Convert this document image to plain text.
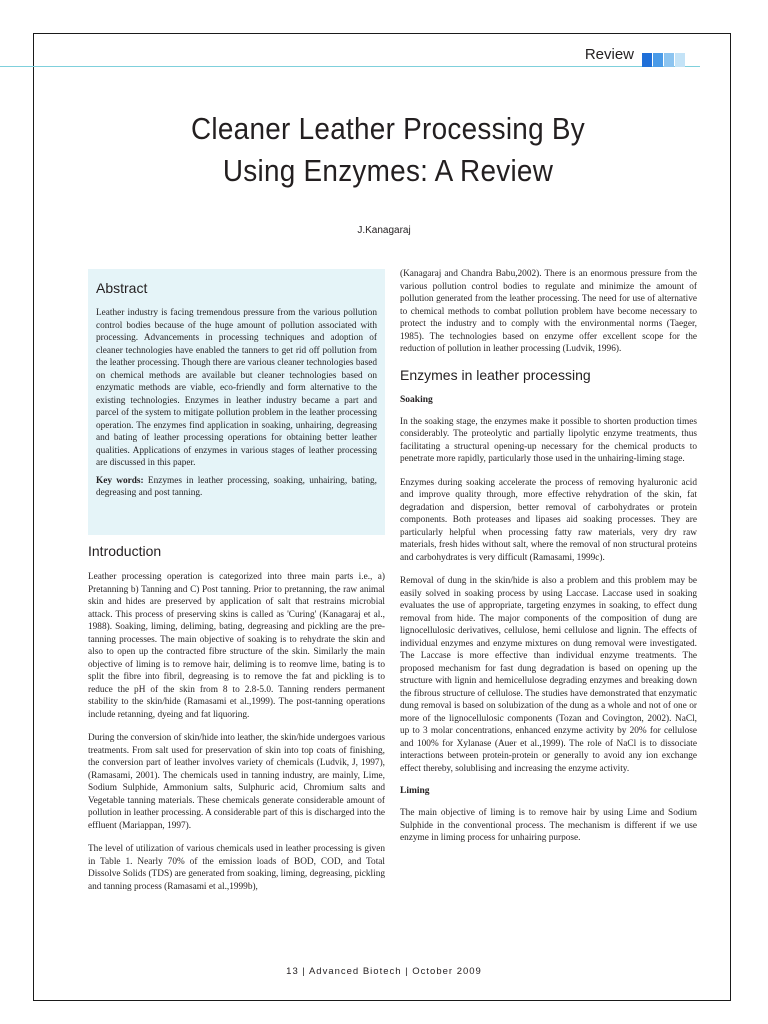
Review
Cleaner Leather Processing By
Using Enzymes: A Review
J.Kanagaraj

Abstract

Leather industry is facing tremendous pressure from the various pollution control bodies because of the huge amount of pollution associated with processing. Advancements in processing techniques and adoption of cleaner technologies have enabled the tanners to get rid off pollution from the leather processing. Though there are various cleaner technologies based on chemical methods are available but cleaner technologies based on enzymatic methods are viable, eco-friendly and form alternative to the existing technologies. Enzymes in leather industry became a part and parcel of the system to mitigate pollution problem in the leather processing operation. The enzymes find application in soaking, unhairing, degreasing and bating of leather processing operations for obtaining better leather qualities. Applications of enzymes in various stages of leather processing are discussed in this paper.

Key words: Enzymes in leather processing, soaking, unhairing, bating, degreasing and post tanning.

Introduction

Leather processing operation is categorized into three main parts i.e., a) Pretanning b) Tanning and C) Post tanning. Prior to pretanning, the raw animal skin and hides are preserved by application of salt that restrains microbial attack. This process of preserving skins is called as 'Curing' (Kanagaraj et al., 1988). Soaking, liming, deliming, bating, degreasing and pickling are the pre-tanning processes. The main objective of soaking is to rehydrate the skin and also to open up the contracted fibre structure of the skin. Similarly the main objective of liming is to remove hair, deliming is to reomve lime, bating is to split the fibre into fibril, degreasing is to remove the fat and pickling is to reduce the pH of the skin from 8 to 2.8-5.0. Tanning renders permanent stability to the skin/hide (Ramasami et al.,1999). The post-tanning operations include retanning, dyeing and fat liquoring.

During the conversion of skin/hide into leather, the skin/hide undergoes various treatments. From salt used for preservation of skin into top coats of finishing, the conversion part of leather involves variety of chemicals (Ludvik, J, 1997), (Ramasami, 2001). The chemicals used in tanning industry, are mainly, Lime, Sodium Sulphide, Ammonium salts, Sulphuric acid, Chromium salts and Vegetable tanning materials. These chemicals generate considerable amount of pollution in leather processing. A considerable part of this is discharged into the effluent (Mariappan, 1997).

The level of utilization of various chemicals used in leather processing is given in Table 1. Nearly 70% of the emission loads of BOD, COD, and Total Dissolve Solids (TDS) are generated from soaking, liming, degreasing, pickling and tanning process (Ramasami et al.,1999b),

(Kanagaraj and Chandra Babu,2002). There is an enormous pressure from the various pollution control bodies to regulate and minimize the amount of pollution generated from the leather processing. The need for use of alternative to chemical methods to combat pollution problem have become necessary to protect the industry and to comply with the environmental norms (Taeger, 1985). The technologies based on enzyme offer excellent scope for the reduction of pollution in leather processing (Ludvik, 1996).

Enzymes in leather processing

Soaking

In the soaking stage, the enzymes make it possible to shorten production times considerably. The proteolytic and partially lipolytic enzyme treatments, thus facilitating a structural opening-up necessary for the chemical products to penetrate more rapidly, particularly those used in the unhairing-liming stage.

Enzymes during soaking accelerate the process of removing hyaluronic acid and improve quality through, more effective rehydration of the skin, fat degradation and dispersion, better removal of carbohydrates or protein components. Both proteases and lipases aid soaking processes. They are particularly helpful when processing fatty raw materials, very dry raw materials, fresh hides without salt, where the removal of non structural proteins and carbohydrates is very difficult (Ramasami, 1999c).

Removal of dung in the skin/hide is also a problem and this problem may be easily solved in soaking process by using Laccase. Laccase used in soaking evaluates the use of appropriate, targeting enzymes in soaking, to effect dung removal from hide. The major components of the composition of dung are lignocellulosic derivatives, cellulose, hemi cellulose and lignin. The effects of individual enzymes and enzyme mixtures on dung removal were investigated. The Laccase is more effective than individual enzyme treatments. The proposed mechanism for fast dung degradation is based on opening up the structure with lignin and hemicellulose degrading enzymes and breaking down the fibrous structure of cellulose. The studies have demonstrated that enzymatic dung removal is based on solubization of the dung as a whole and not of one or more of the lignocellulosic components (Tozan and Covington, 2002). NaCl, up to 3 molar concentrations, enhanced enzyme activity by 20% for cellulose and 100% for Xylanase (Auer et al.,1999). The role of NaCl is to dissociate interactions between protein-protein or generally to avoid any ion exchange effect thereby, solublising and increasing the enzyme activity.

Liming

The main objective of liming is to remove hair by using Lime and Sodium Sulphide in the conventional process. The mechanism is different if we use enzyme in liming process for unhairing purpose.

13 | Advanced Biotech | October 2009
